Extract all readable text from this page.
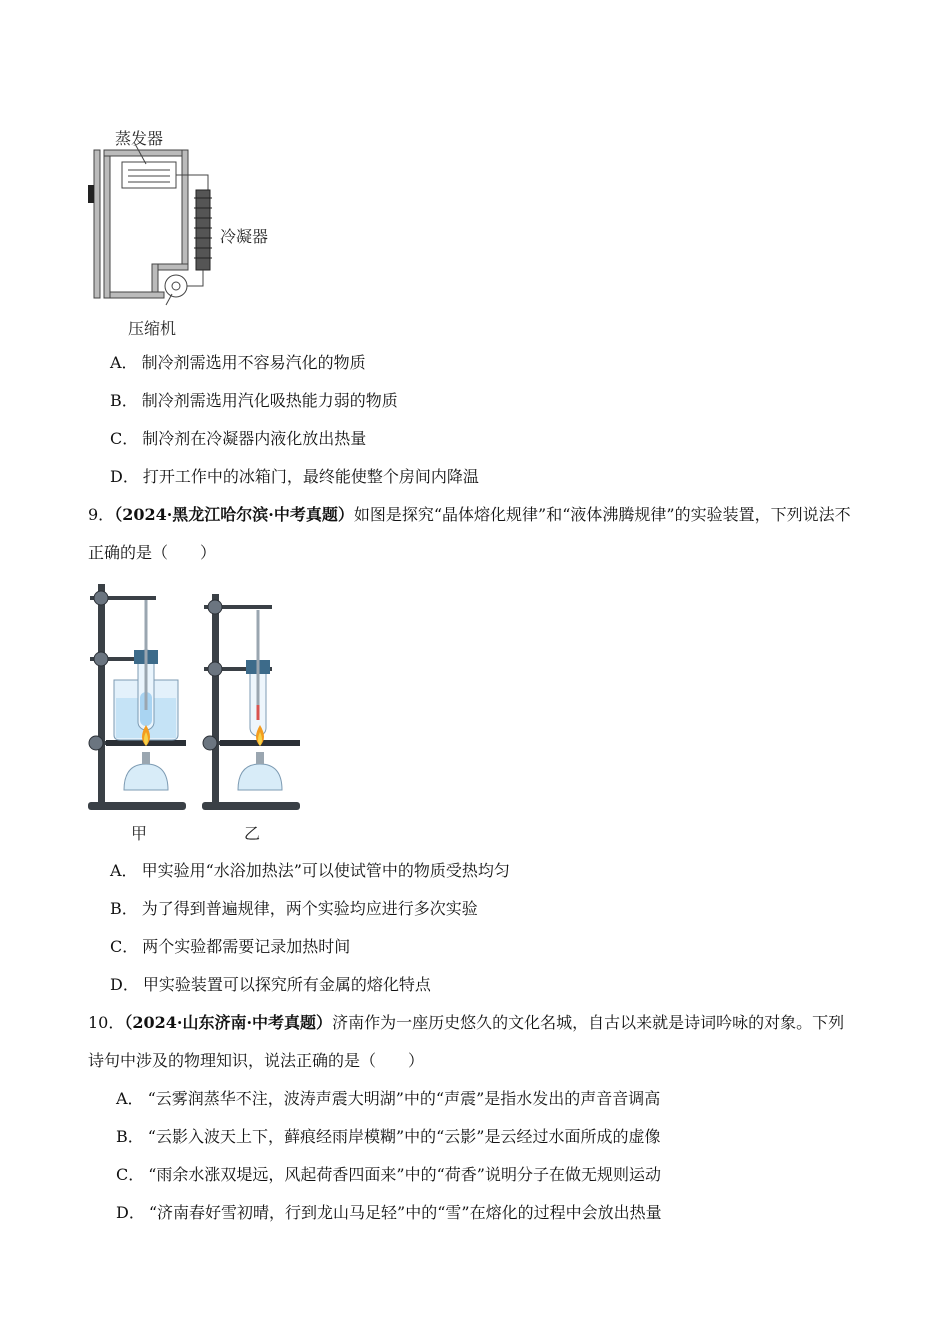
蒸发器
冷凝器
压缩机
A． 制冷剂需选用不容易汽化的物质
B． 制冷剂需选用汽化吸热能力弱的物质
C． 制冷剂在冷凝器内液化放出热量
D． 打开工作中的冰箱门，最终能使整个房间内降温
9．（2024·黑龙江哈尔滨·中考真题）如图是探究“晶体熔化规律”和“液体沸腾规律”的实验装置，下列说法不
正确的是（　　）
甲	乙
A． 甲实验用“水浴加热法”可以使试管中的物质受热均匀
B． 为了得到普遍规律，两个实验均应进行多次实验
C． 两个实验都需要记录加热时间
D． 甲实验装置可以探究所有金属的熔化特点
10．（2024·山东济南·中考真题）济南作为一座历史悠久的文化名城，自古以来就是诗词吟咏的对象。下列
诗句中涉及的物理知识，说法正确的是（　　）
A． “云雾润蒸华不注，波涛声震大明湖”中的“声震”是指水发出的声音音调高
B． “云影入波天上下，藓痕经雨岸模糊”中的“云影”是云经过水面所成的虚像
C． “雨余水涨双堤远，风起荷香四面来”中的“荷香”说明分子在做无规则运动
D． “济南春好雪初晴，行到龙山马足轻”中的“雪”在熔化的过程中会放出热量
